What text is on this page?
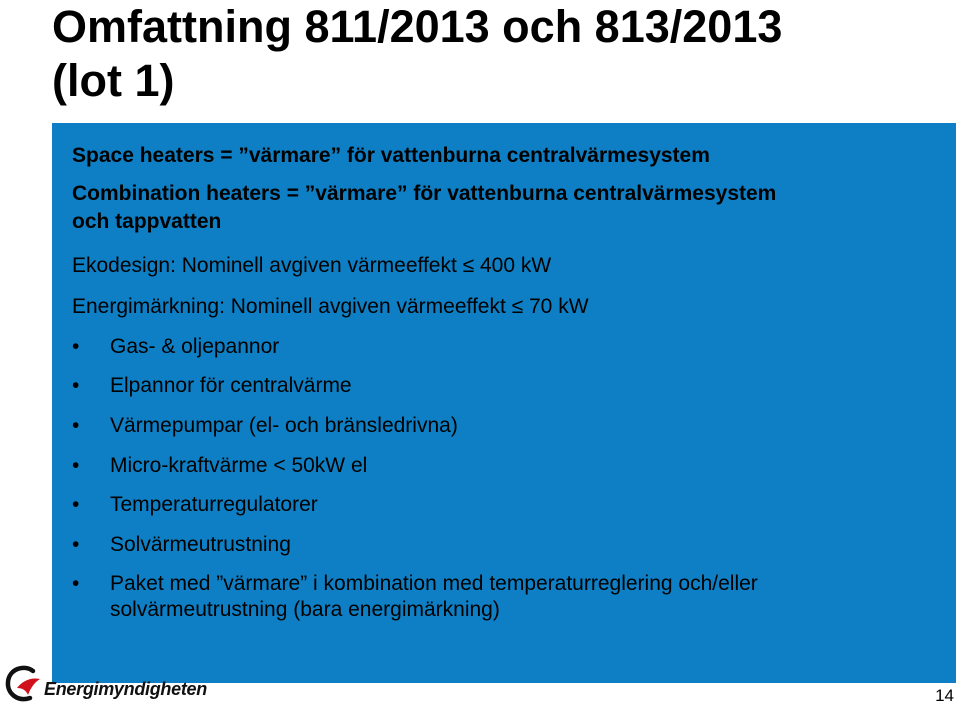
Omfattning 811/2013 och 813/2013
(lot 1)

Space heaters = ”värmare” för vattenburna centralvärmesystem

Combination heaters = ”värmare” för vattenburna centralvärmesystem

och tappvatten

Ekodesign: Nominell avgiven värmeeffekt ≤ 400 kW

Energimärkning: Nominell avgiven värmeeffekt ≤ 70 kW

•	Gas- & oljepannor
•	Elpannor för centralvärme
•	Värmepumpar (el- och bränsledrivna)
•	Micro-kraftvärme < 50kW el
•	Temperaturregulatorer
•	Solvärmeutrustning
•	Paket med ”värmare” i kombination med temperaturreglering och/eller
solvärmeutrustning (bara energimärkning)
Energimyndigheten	14
